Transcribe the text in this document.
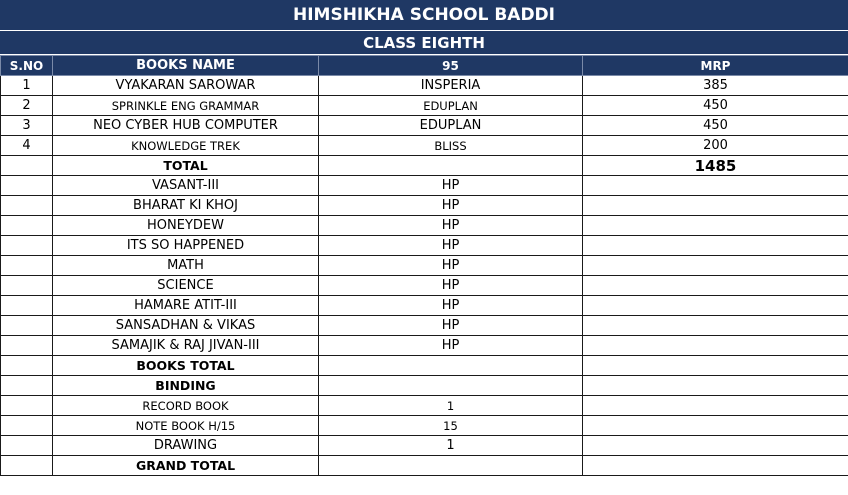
HIMSHIKHA SCHOOL BADDI
CLASS EIGHTH
S.NO	BOOKS NAME	95	MRP
1	VYAKARAN SAROWAR	INSPERIA	385
2	SPRINKLE ENG GRAMMAR	EDUPLAN	450
3	NEO CYBER HUB COMPUTER	EDUPLAN	450
4	KNOWLEDGE TREK	BLISS	200
	TOTAL		1485
	VASANT-III	HP	
	BHARAT KI KHOJ	HP	
	HONEYDEW	HP	
	ITS SO HAPPENED	HP	
	MATH	HP	
	SCIENCE	HP	
	HAMARE ATIT-III	HP	
	SANSADHAN & VIKAS	HP	
	SAMAJIK & RAJ JIVAN-III	HP	
	BOOKS TOTAL		
	BINDING		
	RECORD BOOK	1	
	NOTE BOOK H/15	15	
	DRAWING	1	
	GRAND TOTAL		
